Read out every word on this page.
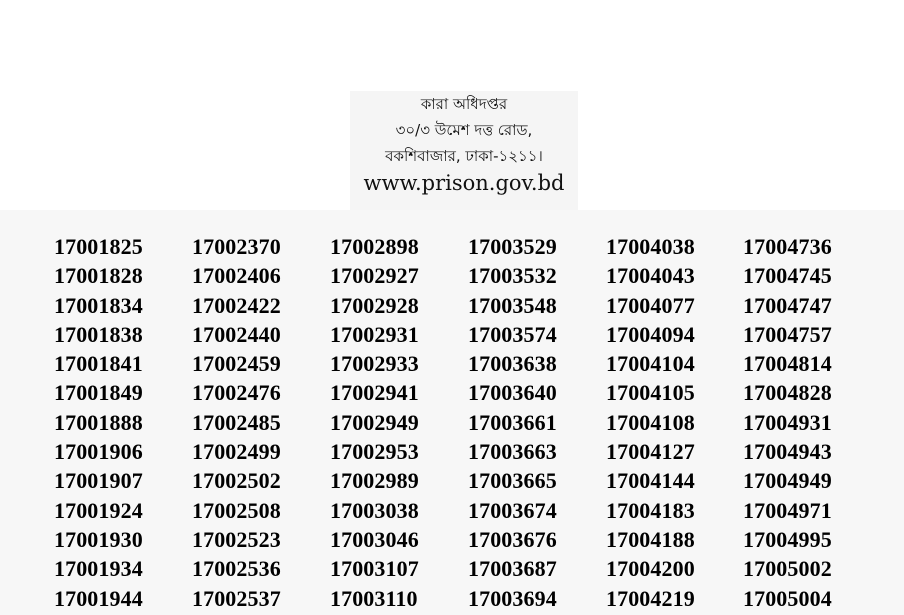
কারা অধিদপ্তর
৩০/৩ উমেশ দত্ত রোড,
বকশিবাজার, ঢাকা-১২১১।
www.prison.gov.bd
17001825
17001828
17001834
17001838
17001841
17001849
17001888
17001906
17001907
17001924
17001930
17001934
17001944
17002370
17002406
17002422
17002440
17002459
17002476
17002485
17002499
17002502
17002508
17002523
17002536
17002537
17002898
17002927
17002928
17002931
17002933
17002941
17002949
17002953
17002989
17003038
17003046
17003107
17003110
17003529
17003532
17003548
17003574
17003638
17003640
17003661
17003663
17003665
17003674
17003676
17003687
17003694
17004038
17004043
17004077
17004094
17004104
17004105
17004108
17004127
17004144
17004183
17004188
17004200
17004219
17004736
17004745
17004747
17004757
17004814
17004828
17004931
17004943
17004949
17004971
17004995
17005002
17005004
